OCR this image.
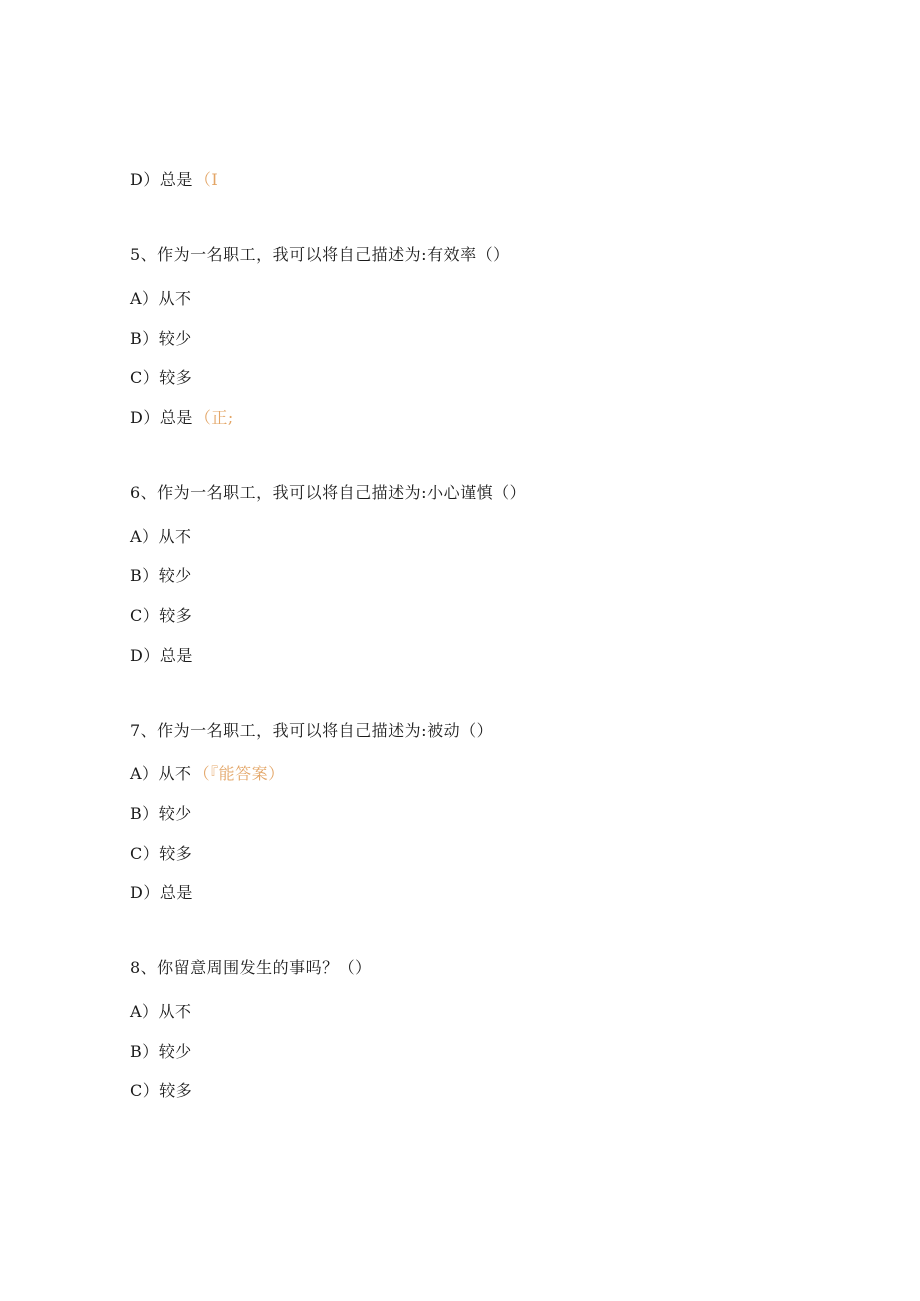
D）总是 （I
5、作为一名职工，我可以将自己描述为:有效率（）
A）从不
B）较少
C）较多
D）总是 （正;
6、作为一名职工，我可以将自己描述为:小心谨慎（）
A）从不
B）较少
C）较多
D）总是
7、作为一名职工，我可以将自己描述为:被动（）
A）从不 （『能答案）
B）较少
C）较多
D）总是
8、你留意周围发生的事吗？（）
A）从不
B）较少
C）较多
